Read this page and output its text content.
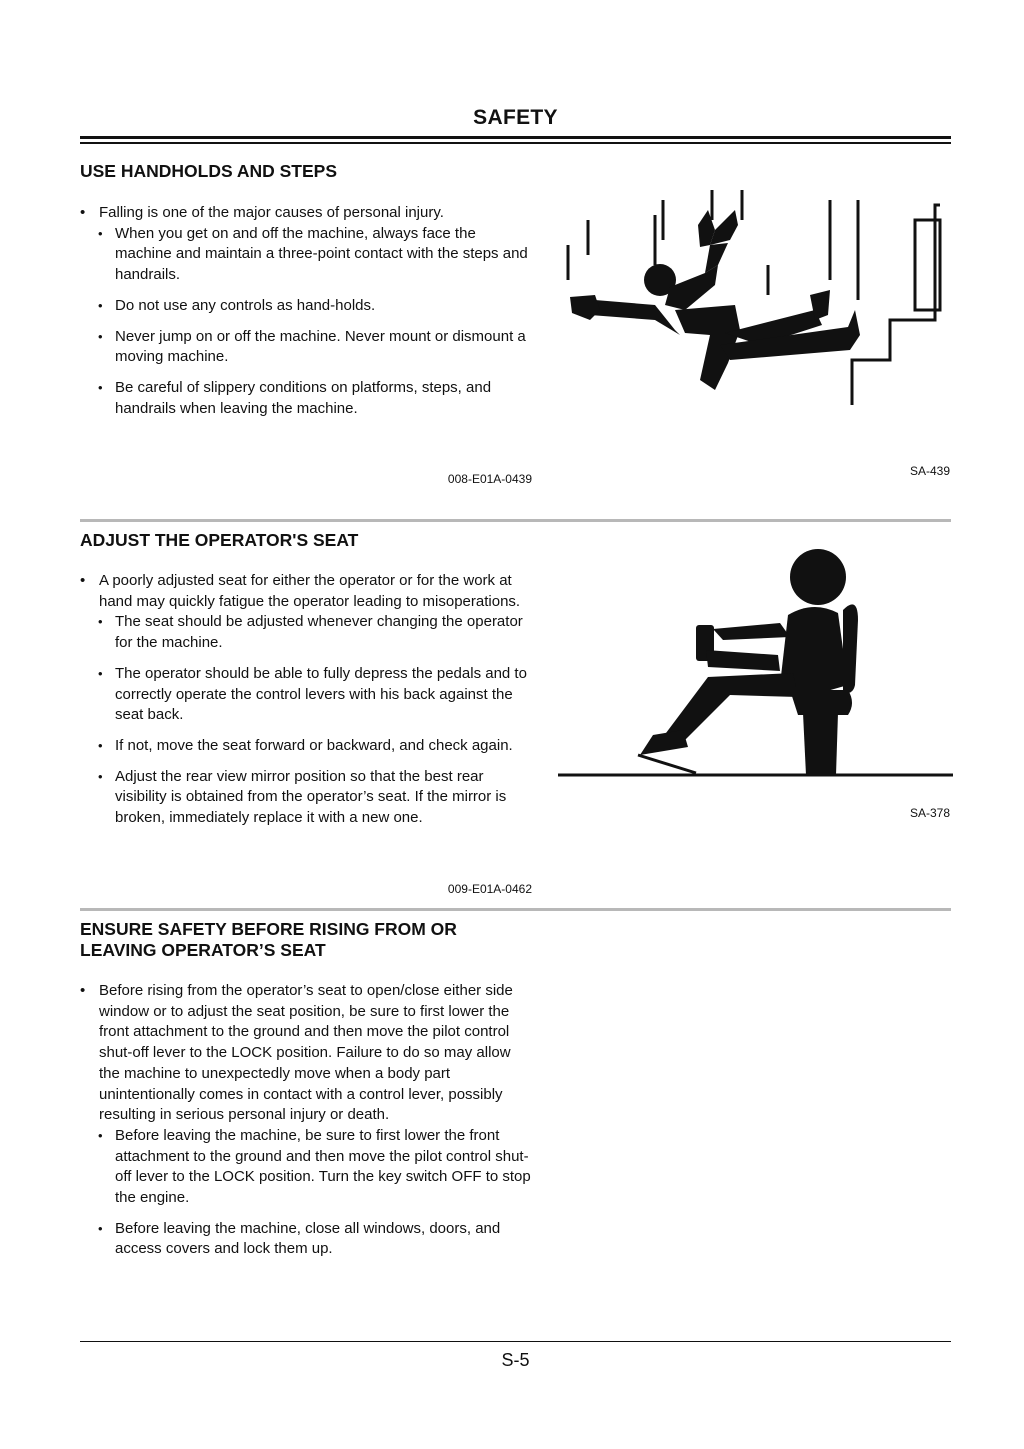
SAFETY
USE HANDHOLDS AND STEPS

• Falling is one of the major causes of personal injury.

• When you get on and off the machine, always face the machine and maintain a three-point contact with the steps and handrails.

• Do not use any controls as hand-holds.

• Never jump on or off the machine. Never mount or dismount a moving machine.

• Be careful of slippery conditions on platforms, steps, and handrails when leaving the machine.

008-E01A-0439
SA-439
ADJUST THE OPERATOR'S SEAT

• A poorly adjusted seat for either the operator or for the work at hand may quickly fatigue the operator leading to misoperations.

• The seat should be adjusted whenever changing the operator for the machine.

• The operator should be able to fully depress the pedals and to correctly operate the control levers with his back against the seat back.

• If not, move the seat forward or backward, and check again.

• Adjust the rear view mirror position so that the best rear visibility is obtained from the operator’s seat. If the mirror is broken, immediately replace it with a new one.

009-E01A-0462
SA-378
ENSURE SAFETY BEFORE RISING FROM OR
LEAVING OPERATOR’S SEAT

• Before rising from the operator’s seat to open/close either side window or to adjust the seat position, be sure to first lower the front attachment to the ground and then move the pilot control shut-off lever to the LOCK position. Failure to do so may allow the machine to unexpectedly move when a body part unintentionally comes in contact with a control lever, possibly resulting in serious personal injury or death.

• Before leaving the machine, be sure to first lower the front attachment to the ground and then move the pilot control shut-off lever to the LOCK position. Turn the key switch OFF to stop the engine.

• Before leaving the machine, close all windows, doors, and access covers and lock them up.

S-5
